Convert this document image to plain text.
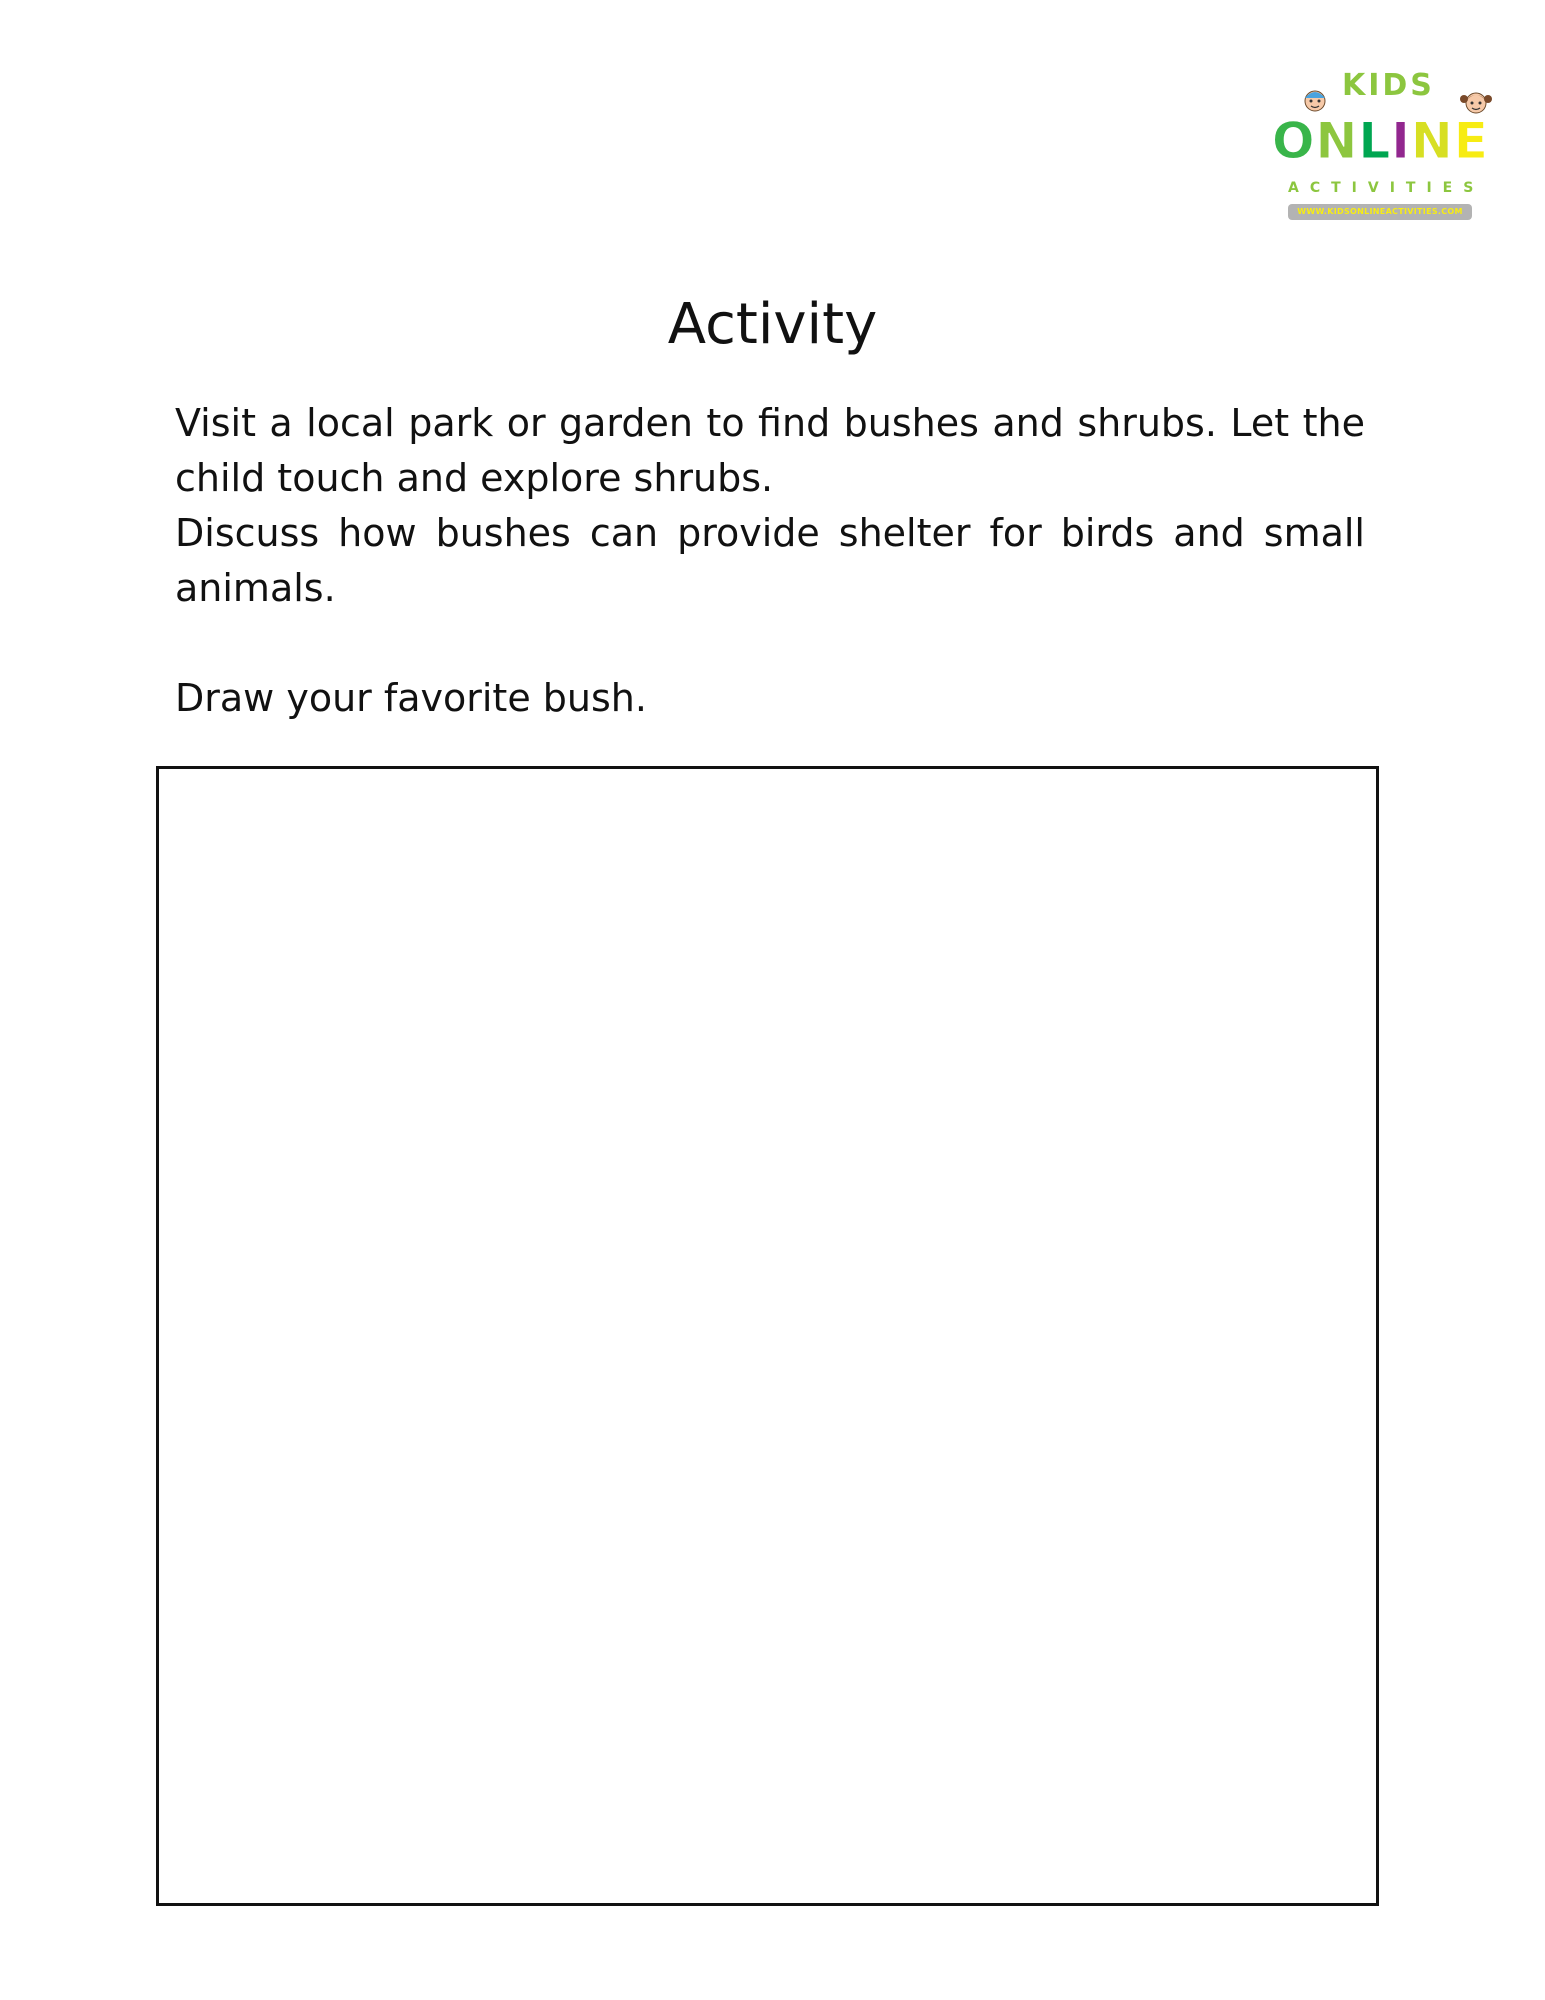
KIDS
ONLINE
ACTIVITIES
WWW.KIDSONLINEACTIVITIES.COM
Activity

Visit a local park or garden to find bushes and shrubs. Let the child touch and explore shrubs.

Discuss how bushes can provide shelter for birds and small animals.

Draw your favorite bush.
